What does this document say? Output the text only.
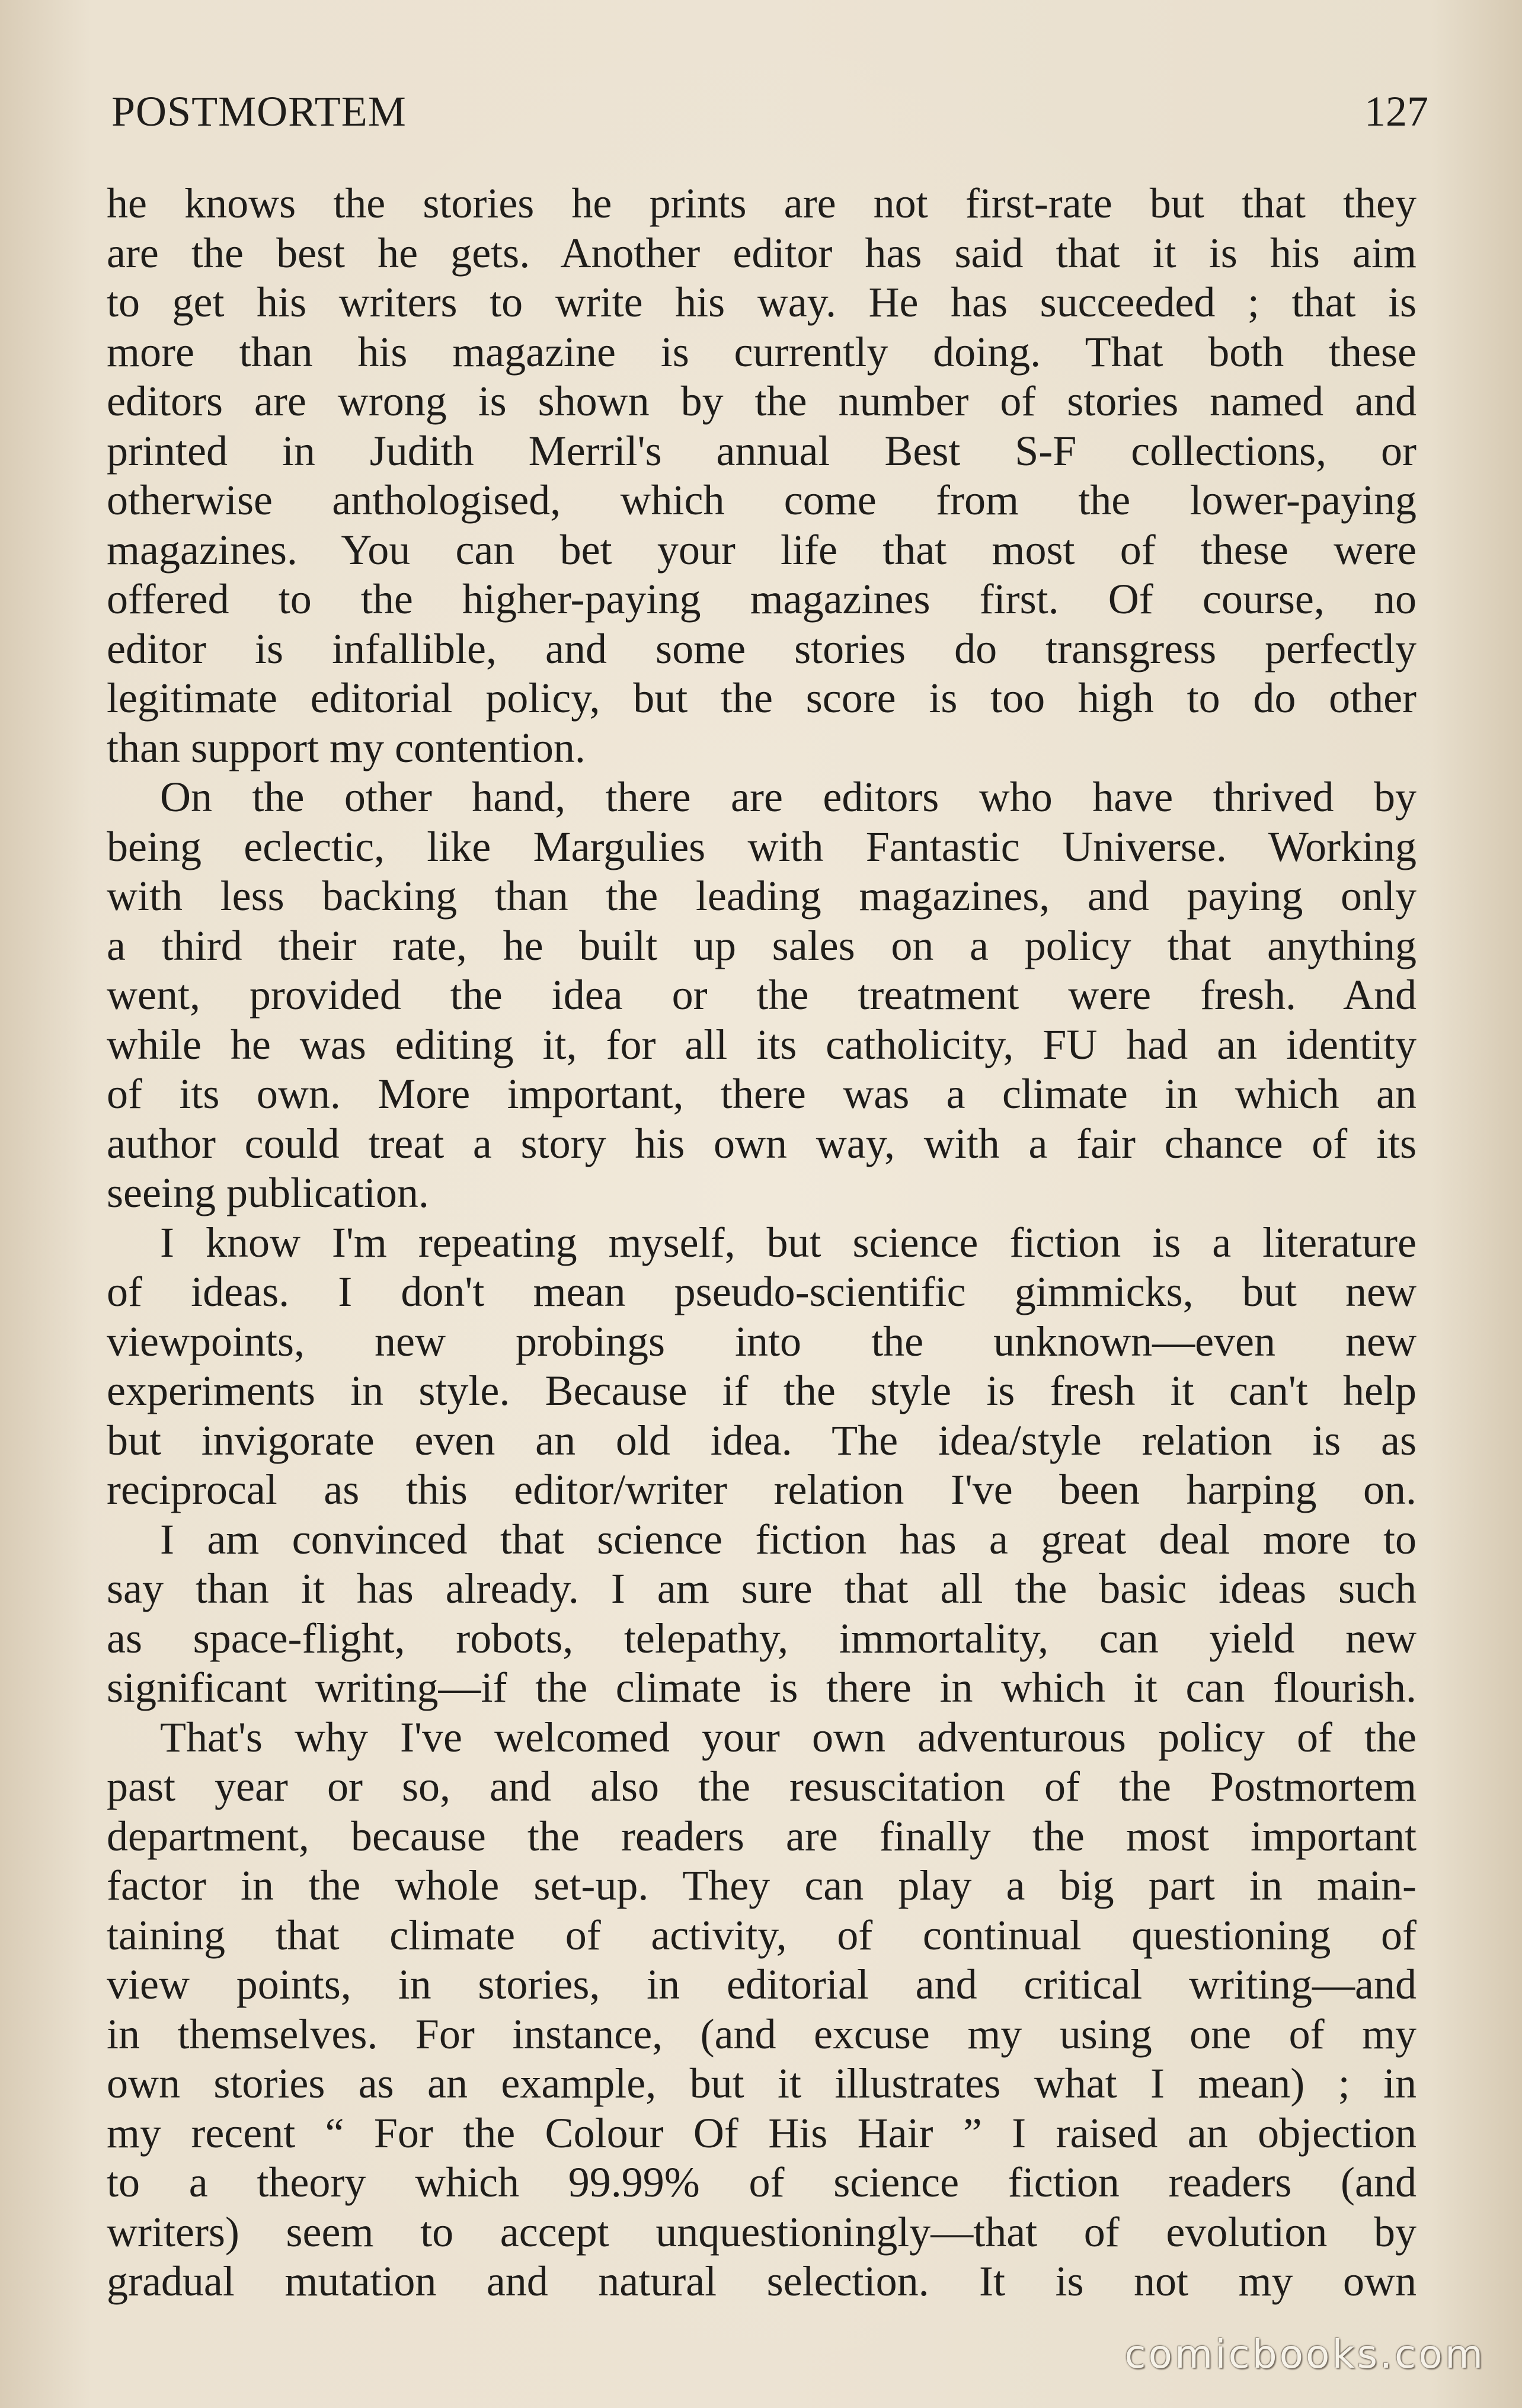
POSTMORTEM	127

he knows the stories he prints are not first-rate but that they

are the best he gets. Another editor has said that it is his aim

to get his writers to write his way. He has succeeded ; that is

more than his magazine is currently doing. That both these

editors are wrong is shown by the number of stories named and

printed in Judith Merril's annual Best S-F collections, or

otherwise anthologised, which come from the lower-paying

magazines. You can bet your life that most of these were

offered to the higher-paying magazines first. Of course, no

editor is infallible, and some stories do transgress perfectly

legitimate editorial policy, but the score is too high to do other

than support my contention.

On the other hand, there are editors who have thrived by

being eclectic, like Margulies with Fantastic Universe. Working

with less backing than the leading magazines, and paying only

a third their rate, he built up sales on a policy that anything

went, provided the idea or the treatment were fresh. And

while he was editing it, for all its catholicity, FU had an identity

of its own. More important, there was a climate in which an

author could treat a story his own way, with a fair chance of its

seeing publication.

I know I'm repeating myself, but science fiction is a literature

of ideas. I don't mean pseudo-scientific gimmicks, but new

viewpoints, new probings into the unknown—even new

experiments in style. Because if the style is fresh it can't help

but invigorate even an old idea. The idea/style relation is as

reciprocal as this editor/writer relation I've been harping on.

I am convinced that science fiction has a great deal more to

say than it has already. I am sure that all the basic ideas such

as space-flight, robots, telepathy, immortality, can yield new

significant writing—if the climate is there in which it can flourish.

That's why I've welcomed your own adventurous policy of the

past year or so, and also the resuscitation of the Postmortem

department, because the readers are finally the most important

factor in the whole set-up. They can play a big part in main-

taining that climate of activity, of continual questioning of

view points, in stories, in editorial and critical writing—and

in themselves. For instance, (and excuse my using one of my

own stories as an example, but it illustrates what I mean) ; in

my recent “ For the Colour Of His Hair ” I raised an objection

to a theory which 99.99% of science fiction readers (and

writers) seem to accept unquestioningly—that of evolution by

gradual mutation and natural selection. It is not my own

comicbooks.com
